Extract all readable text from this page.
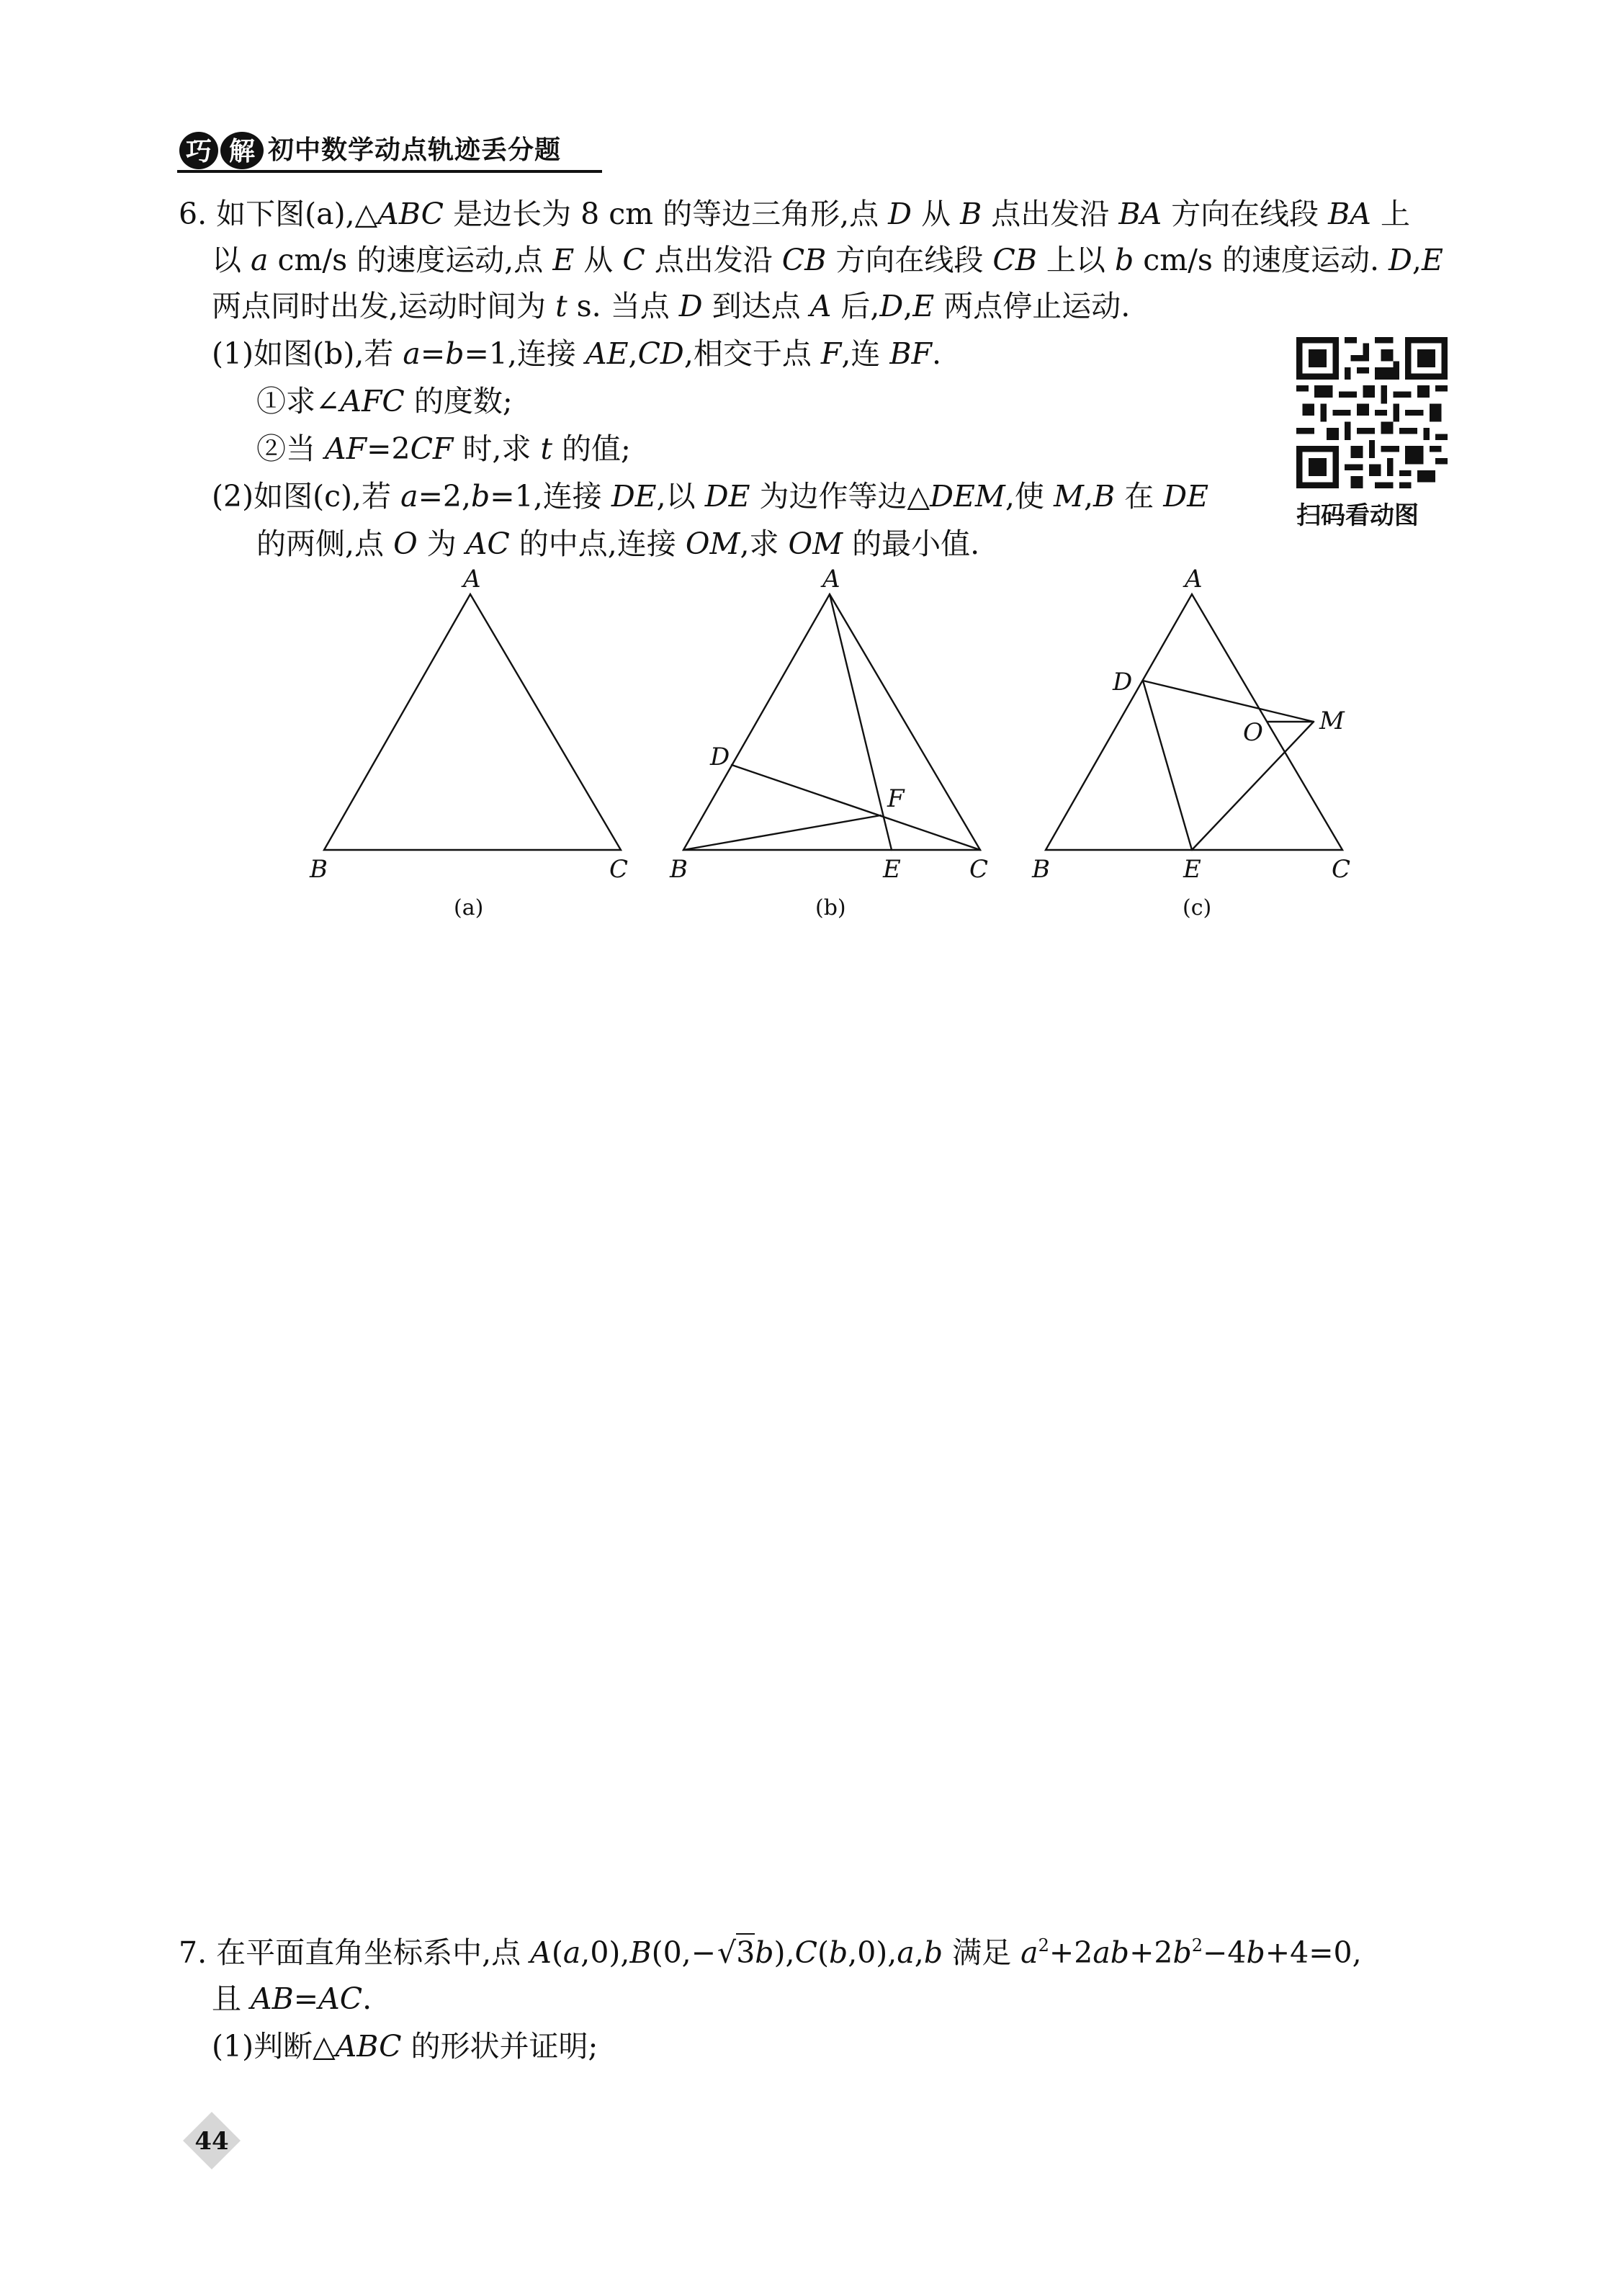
巧 解 初中数学动点轨迹丢分题
6. 如下图(a),△ABC 是边长为 8 cm 的等边三角形,点 D 从 B 点出发沿 BA 方向在线段 BA 上
以 a cm/s 的速度运动,点 E 从 C 点出发沿 CB 方向在线段 CB 上以 b cm/s 的速度运动. D,E
两点同时出发,运动时间为 t s. 当点 D 到达点 A 后,D,E 两点停止运动.
(1)如图(b),若 a=b=1,连接 AE,CD,相交于点 F,连 BF.
①求∠AFC 的度数;
②当 AF=2CF 时,求 t 的值;
(2)如图(c),若 a=2,b=1,连接 DE,以 DE 为边作等边△DEM,使 M,B 在 DE
的两侧,点 O 为 AC 的中点,连接 OM,求 OM 的最小值.
扫码看动图
A
B	C
(a)
A
B	C
D
E
F
(b)
A
B	C
D
E
O M
(c)
7. 在平面直角坐标系中,点 A(a,0),B(0,−√3b),C(b,0),a,b 满足 $a^2+2ab+2b^2-4b+4=0$,
且 AB=AC.
(1)判断△ABC 的形状并证明;
44
